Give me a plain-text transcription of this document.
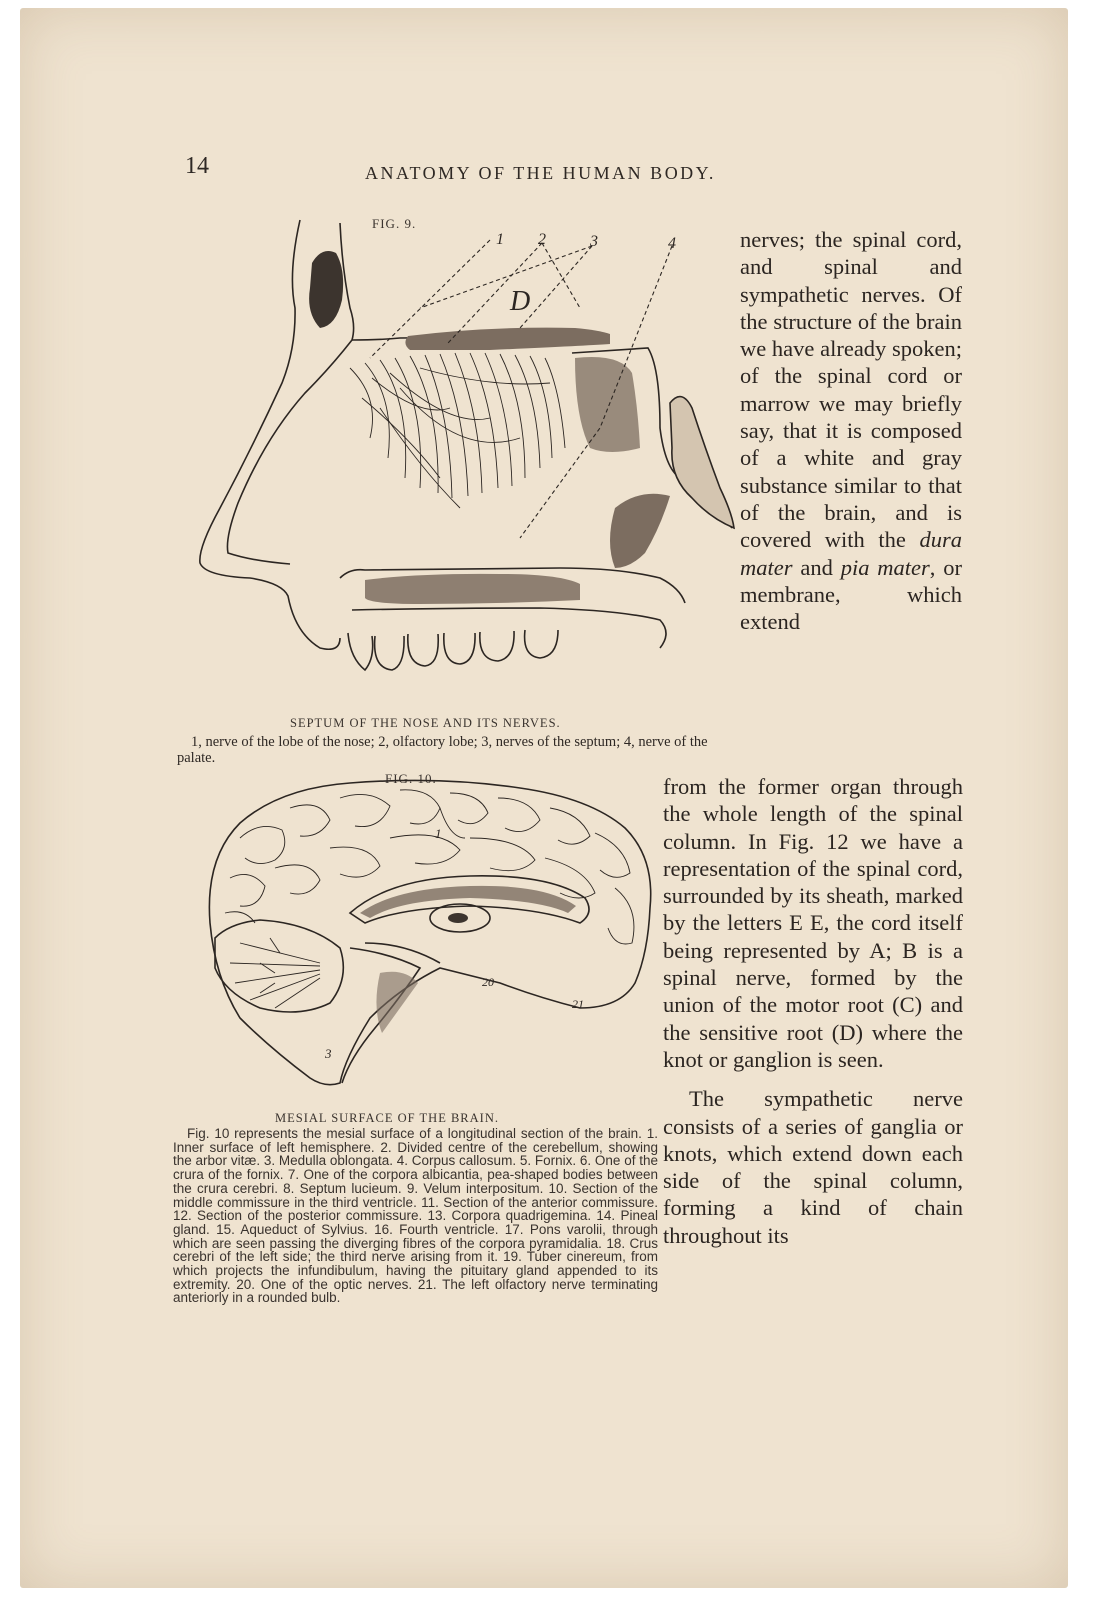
14	ANATOMY OF THE HUMAN BODY.
FIG. 9.
1 2	3	4
D
SEPTUM OF THE NOSE AND ITS NERVES.
1, nerve of the lobe of the nose; 2, olfactory lobe; 3, nerves of the septum; 4, nerve of the palate.
FIG. 10.
1
3
20
21
MESIAL SURFACE OF THE BRAIN.
Fig. 10 represents the mesial surface of a longitudinal section of the brain. 1. Inner surface of left hemisphere. 2. Divided centre of the cerebellum, showing the arbor vitæ. 3. Medulla oblongata. 4. Corpus callosum. 5. Fornix. 6. One of the crura of the fornix. 7. One of the corpora albicantia, pea-shaped bodies between the crura cerebri. 8. Septum lucieum. 9. Velum interpositum. 10. Section of the middle commissure in the third ventricle. 11. Section of the anterior commissure. 12. Section of the posterior commissure. 13. Corpora quadrigemina. 14. Pineal gland. 15. Aqueduct of Sylvius. 16. Fourth ventricle. 17. Pons varolii, through which are seen passing the diverging fibres of the corpora pyramidalia. 18. Crus cerebri of the left side; the third nerve arising from it. 19. Tuber cinereum, from which projects the infundibulum, having the pituitary gland appended to its extremity. 20. One of the optic nerves. 21. The left olfactory nerve terminating anteriorly in a rounded bulb.
nerves; the spinal cord, and spinal and sympathetic nerves. Of the structure of the brain we have already spoken; of the spinal cord or marrow we may briefly say, that it is composed of a white and gray substance similar to that of the brain, and is covered with the dura mater and pia mater, or membrane, which extend

from the former organ through the whole length of the spinal column. In Fig. 12 we have a representation of the spinal cord, surrounded by its sheath, marked by the letters E E, the cord itself being represented by A; B is a spinal nerve, formed by the union of the motor root (C) and the sensitive root (D) where the knot or ganglion is seen.

The sympathetic nerve consists of a series of ganglia or knots, which extend down each side of the spinal column, forming a kind of chain throughout its
